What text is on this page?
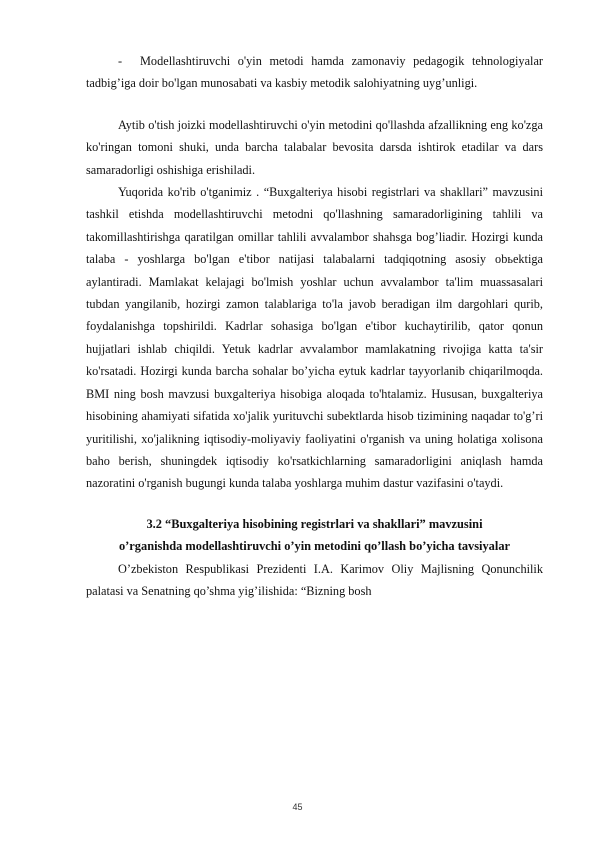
- Modellashtiruvchi o'yin metodi hamda zamonaviy pedagogik tehnologiyalar tadbig’iga doir bo'lgan munosabati va kasbiy metodik salohiyatning uyg’unligi.

Aytib o'tish joizki modellashtiruvchi o'yin metodini qo'llashda afzallikning eng ko'zga ko'ringan tomoni shuki, unda barcha talabalar bevosita darsda ishtirok etadilar va dars samaradorligi oshishiga erishiladi.

Yuqorida ko'rib o'tganimiz . “Buxgalteriya hisobi registrlari va shakllari” mavzusini tashkil etishda modellashtiruvchi metodni qo'llashning samaradorligining tahlili va takomillashtirishga qaratilgan omillar tahlili avvalambor shahsga bog’liadir. Hozirgi kunda talaba - yoshlarga bo'lgan e'tibor natijasi talabalarni tadqiqotning asosiy obьektiga aylantiradi. Mamlakat kelajagi bo'lmish yoshlar uchun avvalambor ta'lim muassasalari tubdan yangilanib, hozirgi zamon talablariga to'la javob beradigan ilm dargohlari qurib, foydalanishga topshirildi. Kadrlar sohasiga bo'lgan e'tibor kuchaytirilib, qator qonun hujjatlari ishlab chiqildi. Yetuk kadrlar avvalambor mamlakatning rivojiga katta ta'sir ko'rsatadi. Hozirgi kunda barcha sohalar bo’yicha eytuk kadrlar tayyorlanib chiqarilmoqda. BMI ning bosh mavzusi buxgalteriya hisobiga aloqada to'htalamiz. Hususan, buxgalteriya hisobining ahamiyati sifatida xo'jalik yurituvchi subektlarda hisob tizimining naqadar to'g’ri yuritilishi, xo'jalikning iqtisodiy-moliyaviy faoliyatini o'rganish va uning holatiga xolisona baho berish, shuningdek iqtisodiy ko'rsatkichlarning samaradorligini aniqlash hamda nazoratini o'rganish bugungi kunda talaba yoshlarga muhim dastur vazifasini o'taydi.

3.2 “Buxgalteriya hisobining registrlari va shakllari” mavzusini

o’rganishda modellashtiruvchi o’yin metodini qo’llash bo’yicha tavsiyalar

O’zbekiston Respublikasi Prezidenti I.A. Karimov Oliy Majlisning Qonunchilik palatasi va Senatning qo’shma yig’ilishida: “Bizning bosh

45
